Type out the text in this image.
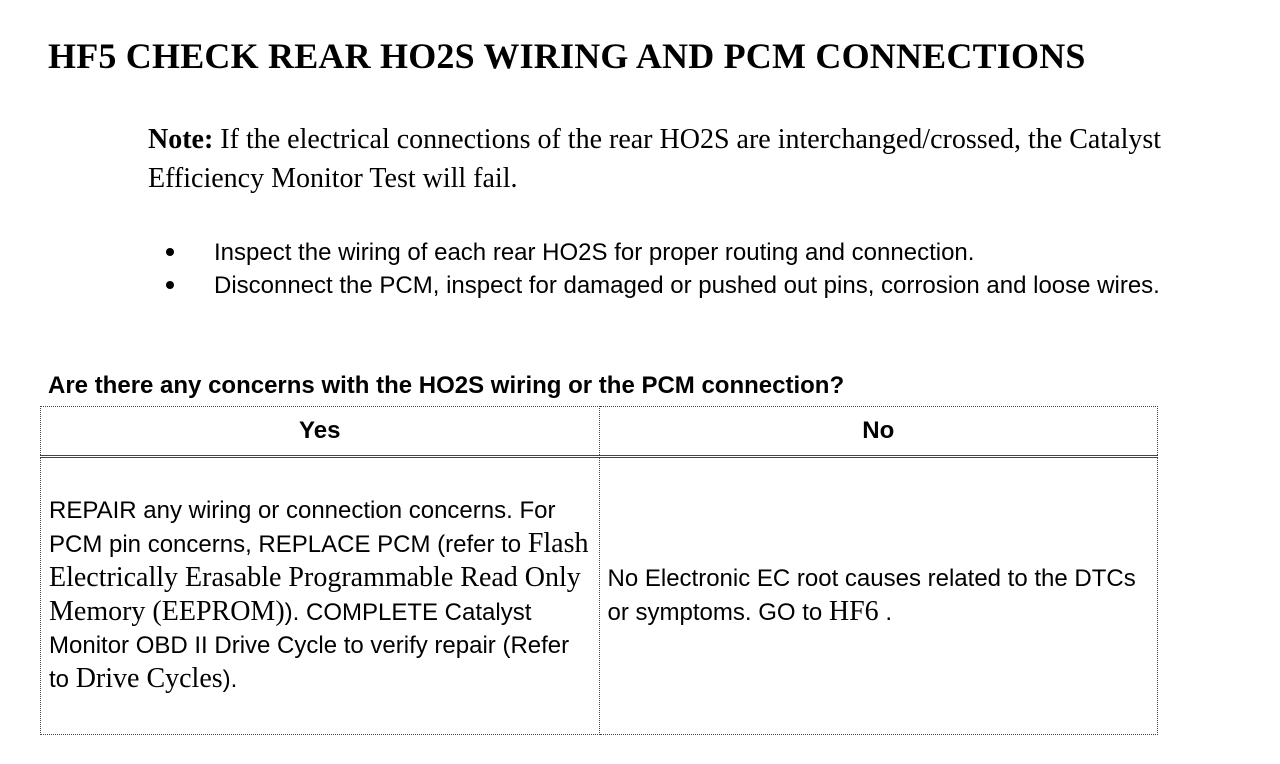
HF5 CHECK REAR HO2S WIRING AND PCM CONNECTIONS
Note: If the electrical connections of the rear HO2S are interchanged/crossed, the Catalyst Efficiency Monitor Test will fail.
Inspect the wiring of each rear HO2S for proper routing and connection.
Disconnect the PCM, inspect for damaged or pushed out pins, corrosion and loose wires.
Are there any concerns with the HO2S wiring or the PCM connection?
Yes	No
REPAIR any wiring or connection concerns. For PCM pin concerns, REPLACE PCM (refer to Flash Electrically Erasable Programmable Read Only Memory (EEPROM)). COMPLETE Catalyst Monitor OBD II Drive Cycle to verify repair (Refer to Drive Cycles).	No Electronic EC root causes related to the DTCs or symptoms. GO to HF6 .
